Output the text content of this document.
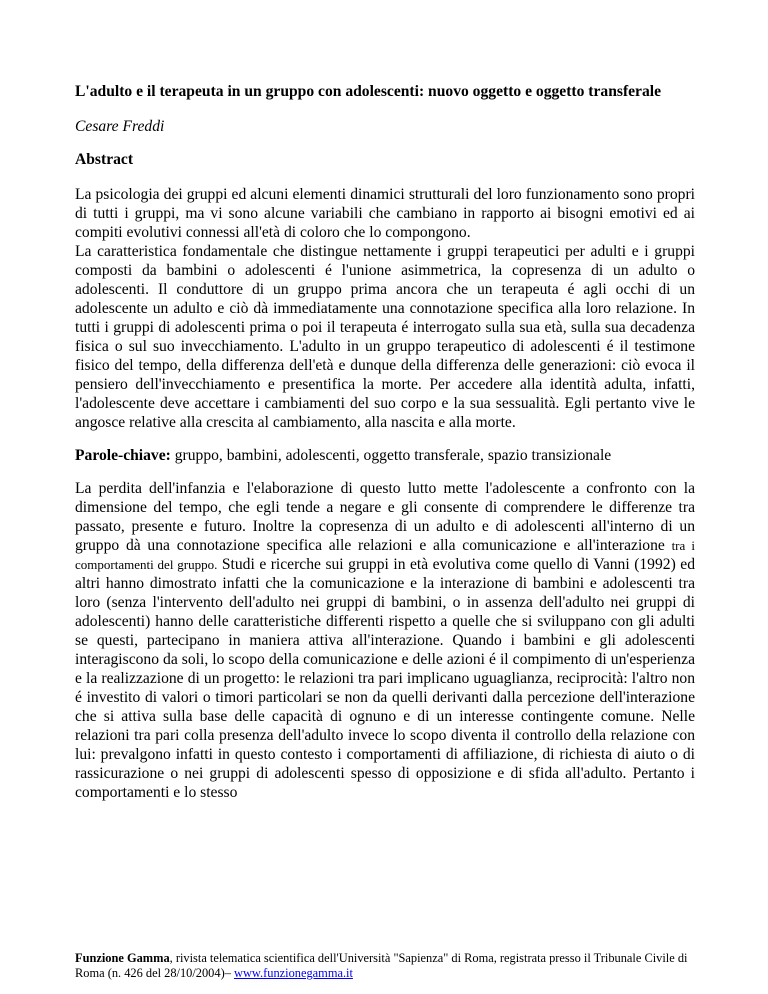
L'adulto e il terapeuta in un gruppo con adolescenti: nuovo oggetto e oggetto transferale

Cesare Freddi

Abstract

La psicologia dei gruppi ed alcuni elementi dinamici strutturali del loro funzionamento sono propri di tutti i gruppi, ma vi sono alcune variabili che cambiano in rapporto ai bisogni emotivi ed ai compiti evolutivi connessi all'età di coloro che lo compongono.

La caratteristica fondamentale che distingue nettamente i gruppi terapeutici per adulti e i gruppi composti da bambini o adolescenti é l'unione asimmetrica, la copresenza di un adulto o adolescenti. Il conduttore di un gruppo prima ancora che un terapeuta é agli occhi di un adolescente un adulto e ciò dà immediatamente una connotazione specifica alla loro relazione. In tutti i gruppi di adolescenti prima o poi il terapeuta é interrogato sulla sua età, sulla sua decadenza fisica o sul suo invecchiamento. L'adulto in un gruppo terapeutico di adolescenti é il testimone fisico del tempo, della differenza dell'età e dunque della differenza delle generazioni: ciò evoca il pensiero dell'invecchiamento e presentifica la morte. Per accedere alla identità adulta, infatti, l'adolescente deve accettare i cambiamenti del suo corpo e la sua sessualità. Egli pertanto vive le angosce relative alla crescita al cambiamento, alla nascita e alla morte.

Parole-chiave: gruppo, bambini, adolescenti, oggetto transferale, spazio transizionale

La perdita dell'infanzia e l'elaborazione di questo lutto mette l'adolescente a confronto con la dimensione del tempo, che egli tende a negare e gli consente di comprendere le differenze tra passato, presente e futuro. Inoltre la copresenza di un adulto e di adolescenti all'interno di un gruppo dà una connotazione specifica alle relazioni e alla comunicazione e all'interazione tra i comportamenti del gruppo. Studi e ricerche sui gruppi in età evolutiva come quello di Vanni (1992) ed altri hanno dimostrato infatti che la comunicazione e la interazione di bambini e adolescenti tra loro (senza l'intervento dell'adulto nei gruppi di bambini, o in assenza dell'adulto nei gruppi di adolescenti) hanno delle caratteristiche differenti rispetto a quelle che si sviluppano con gli adulti se questi, partecipano in maniera attiva all'interazione. Quando i bambini e gli adolescenti interagiscono da soli, lo scopo della comunicazione e delle azioni é il compimento di un'esperienza e la realizzazione di un progetto: le relazioni tra pari implicano uguaglianza, reciprocità: l'altro non é investito di valori o timori particolari se non da quelli derivanti dalla percezione dell'interazione che si attiva sulla base delle capacità di ognuno e di un interesse contingente comune. Nelle relazioni tra pari colla presenza dell'adulto invece lo scopo diventa il controllo della relazione con lui: prevalgono infatti in questo contesto i comportamenti di affiliazione, di richiesta di aiuto o di rassicurazione o nei gruppi di adolescenti spesso di opposizione e di sfida all'adulto. Pertanto i comportamenti e lo stesso

Funzione Gamma, rivista telematica scientifica dell'Università "Sapienza" di Roma, registrata presso il Tribunale Civile di Roma (n. 426 del 28/10/2004)– www.funzionegamma.it
